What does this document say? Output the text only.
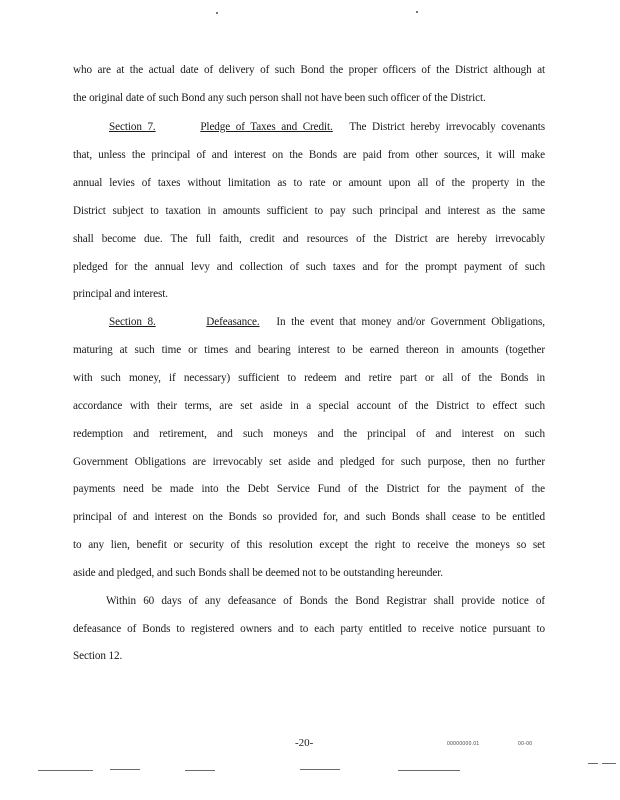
who are at the actual date of delivery of such Bond the proper officers of the District although at
the original date of such Bond any such person shall not have been such officer of the District.
Section 7.	Pledge of Taxes and Credit. The District hereby irrevocably covenants
that, unless the principal of and interest on the Bonds are paid from other sources, it will make
annual levies of taxes without limitation as to rate or amount upon all of the property in the
District subject to taxation in amounts sufficient to pay such principal and interest as the same
shall become due. The full faith, credit and resources of the District are hereby irrevocably
pledged for the annual levy and collection of such taxes and for the prompt payment of such
principal and interest.
Section 8.	Defeasance. In the event that money and/or Government Obligations,
maturing at such time or times and bearing interest to be earned thereon in amounts (together
with such money, if necessary) sufficient to redeem and retire part or all of the Bonds in
accordance with their terms, are set aside in a special account of the District to effect such
redemption and retirement, and such moneys and the principal of and interest on such
Government Obligations are irrevocably set aside and pledged for such purpose, then no further
payments need be made into the Debt Service Fund of the District for the payment of the
principal of and interest on the Bonds so provided for, and such Bonds shall cease to be entitled
to any lien, benefit or security of this resolution except the right to receive the moneys so set
aside and pledged, and such Bonds shall be deemed not to be outstanding hereunder.
Within 60 days of any defeasance of Bonds the Bond Registrar shall provide notice of
defeasance of Bonds to registered owners and to each party entitled to receive notice pursuant to
Section 12.
-20-	00000000.01	00-00
